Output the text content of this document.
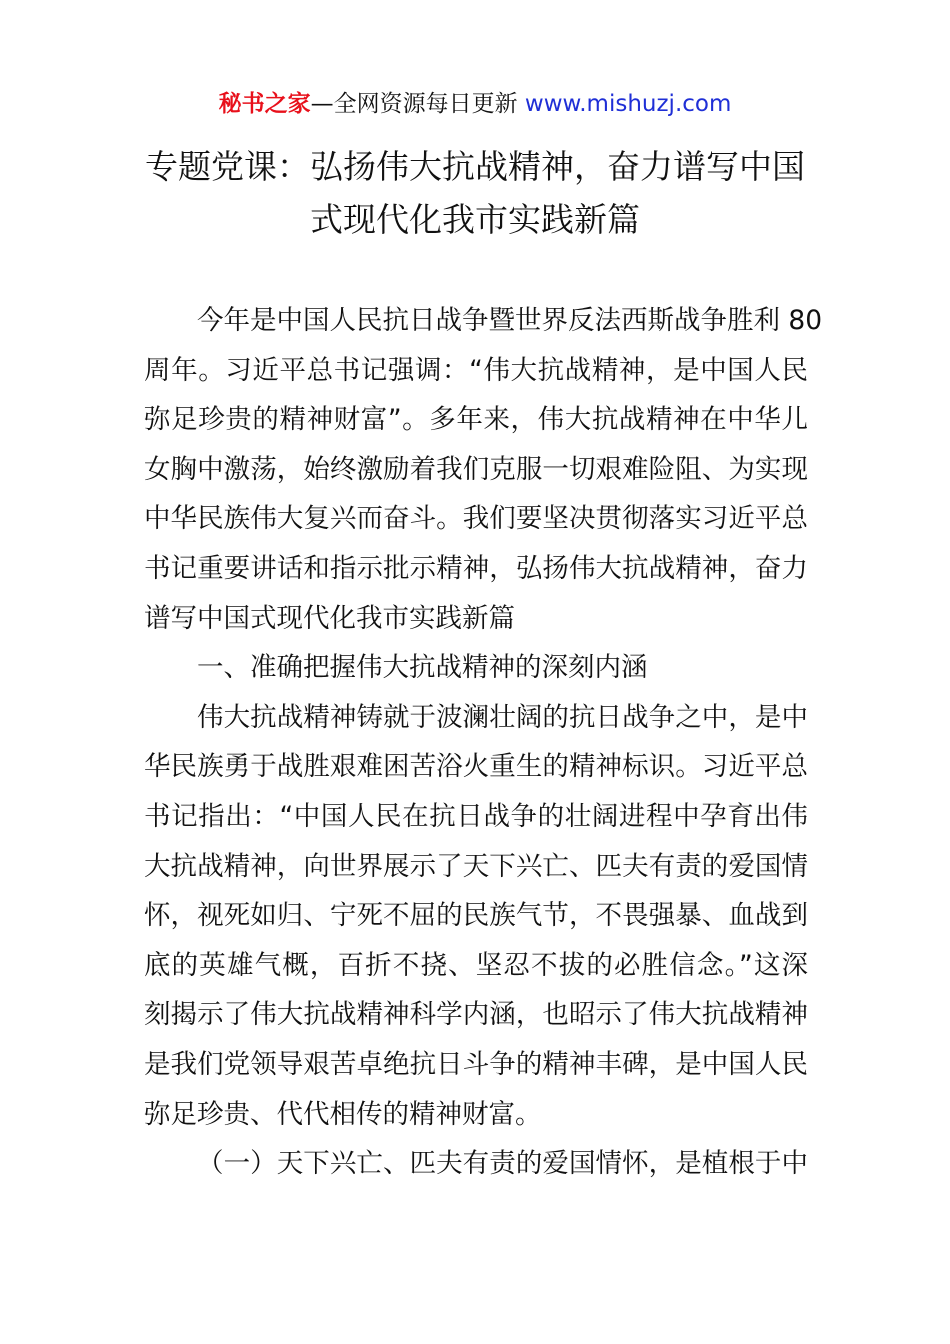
秘书之家—全网资源每日更新 www.mishuzj.com
专题党课：弘扬伟大抗战精神，奋力谱写中国
式现代化我市实践新篇
今年是中国人民抗日战争暨世界反法西斯战争胜利 80
周年。习近平总书记强调：“伟大抗战精神，是中国人民
弥足珍贵的精神财富”。多年来，伟大抗战精神在中华儿
女胸中激荡，始终激励着我们克服一切艰难险阻、为实现
中华民族伟大复兴而奋斗。我们要坚决贯彻落实习近平总
书记重要讲话和指示批示精神，弘扬伟大抗战精神，奋力
谱写中国式现代化我市实践新篇
一、准确把握伟大抗战精神的深刻内涵
伟大抗战精神铸就于波澜壮阔的抗日战争之中，是中
华民族勇于战胜艰难困苦浴火重生的精神标识。习近平总
书记指出：“中国人民在抗日战争的壮阔进程中孕育出伟
大抗战精神，向世界展示了天下兴亡、匹夫有责的爱国情
怀，视死如归、宁死不屈的民族气节，不畏强暴、血战到
底的英雄气概，百折不挠、坚忍不拔的必胜信念。”这深
刻揭示了伟大抗战精神科学内涵，也昭示了伟大抗战精神
是我们党领导艰苦卓绝抗日斗争的精神丰碑，是中国人民
弥足珍贵、代代相传的精神财富。
（一）天下兴亡、匹夫有责的爱国情怀，是植根于中
